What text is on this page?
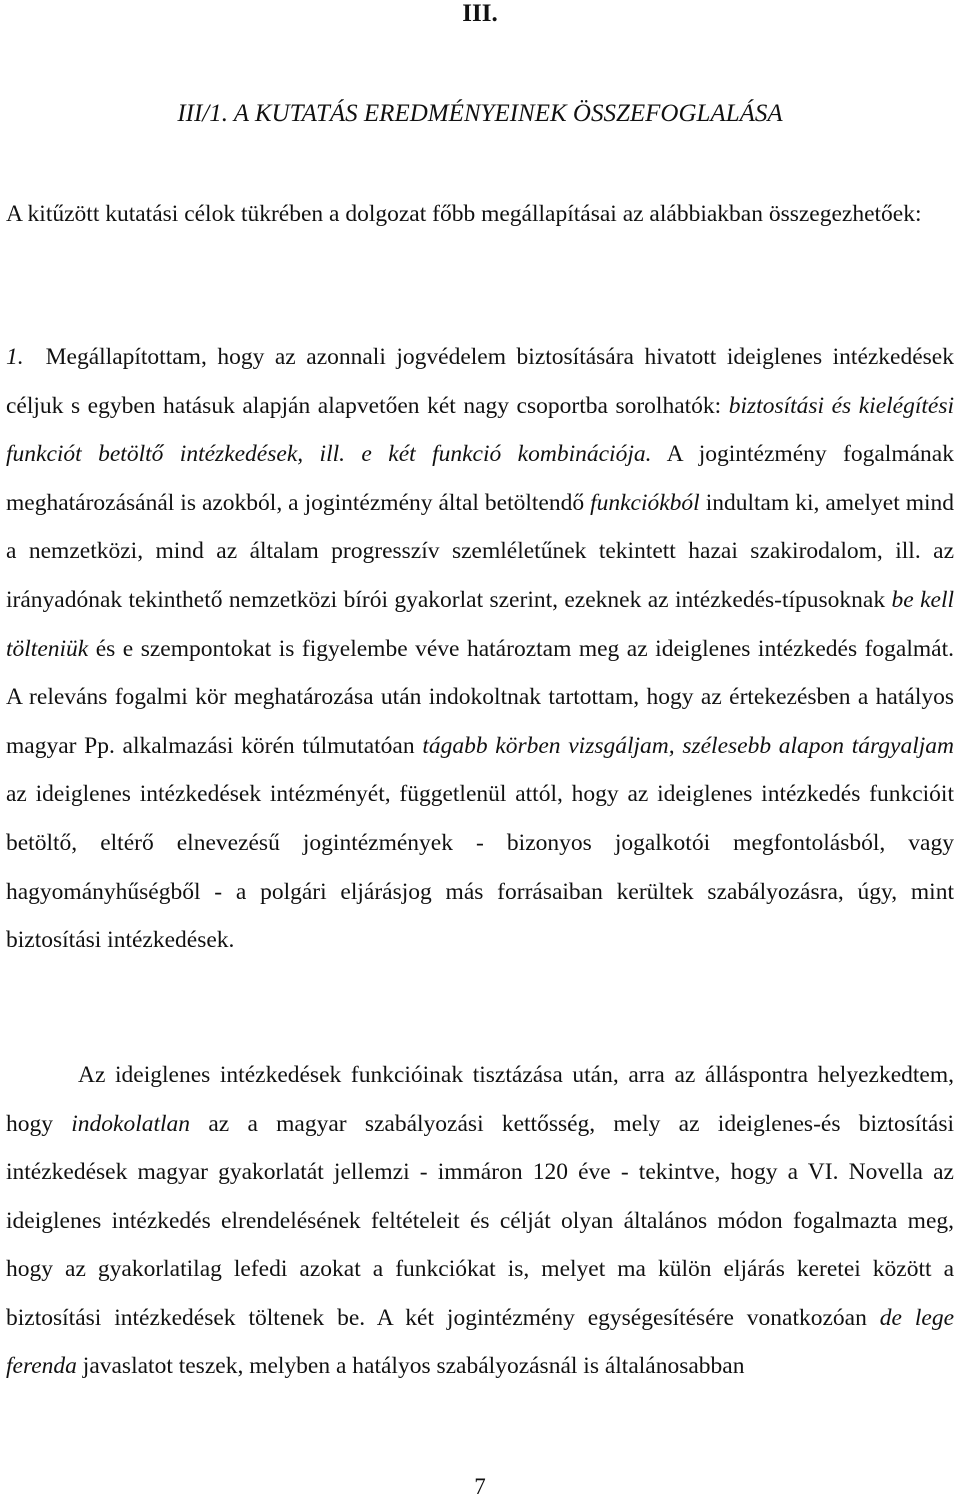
III.
III/1. A KUTATÁS EREDMÉNYEINEK ÖSSZEFOGLALÁSA

A kitűzött kutatási célok tükrében a dolgozat főbb megállapításai az alábbiakban összegezhetőek:

1. Megállapítottam, hogy az azonnali jogvédelem biztosítására hivatott ideiglenes intézkedések céljuk s egyben hatásuk alapján alapvetően két nagy csoportba sorolhatók: biztosítási és kielégítési funkciót betöltő intézkedések, ill. e két funkció kombinációja. A jogintézmény fogalmának meghatározásánál is azokból, a jogintézmény által betöltendő funkciókból indultam ki, amelyet mind a nemzetközi, mind az általam progresszív szemléletűnek tekintett hazai szakirodalom, ill. az irányadónak tekinthető nemzetközi bírói gyakorlat szerint, ezeknek az intézkedés-típusoknak be kell tölteniük és e szempontokat is figyelembe véve határoztam meg az ideiglenes intézkedés fogalmát. A releváns fogalmi kör meghatározása után indokoltnak tartottam, hogy az értekezésben a hatályos magyar Pp. alkalmazási körén túlmutatóan tágabb körben vizsgáljam, szélesebb alapon tárgyaljam az ideiglenes intézkedések intézményét, függetlenül attól, hogy az ideiglenes intézkedés funkcióit betöltő, eltérő elnevezésű jogintézmények - bizonyos jogalkotói megfontolásból, vagy hagyományhűségből - a polgári eljárásjog más forrásaiban kerültek szabályozásra, úgy, mint biztosítási intézkedések.

Az ideiglenes intézkedések funkcióinak tisztázása után, arra az álláspontra helyezkedtem, hogy indokolatlan az a magyar szabályozási kettősség, mely az ideiglenes-és biztosítási intézkedések magyar gyakorlatát jellemzi - immáron 120 éve - tekintve, hogy a VI. Novella az ideiglenes intézkedés elrendelésének feltételeit és célját olyan általános módon fogalmazta meg, hogy az gyakorlatilag lefedi azokat a funkciókat is, melyet ma külön eljárás keretei között a biztosítási intézkedések töltenek be. A két jogintézmény egységesítésére vonatkozóan de lege ferenda javaslatot teszek, melyben a hatályos szabályozásnál is általánosabban

7
